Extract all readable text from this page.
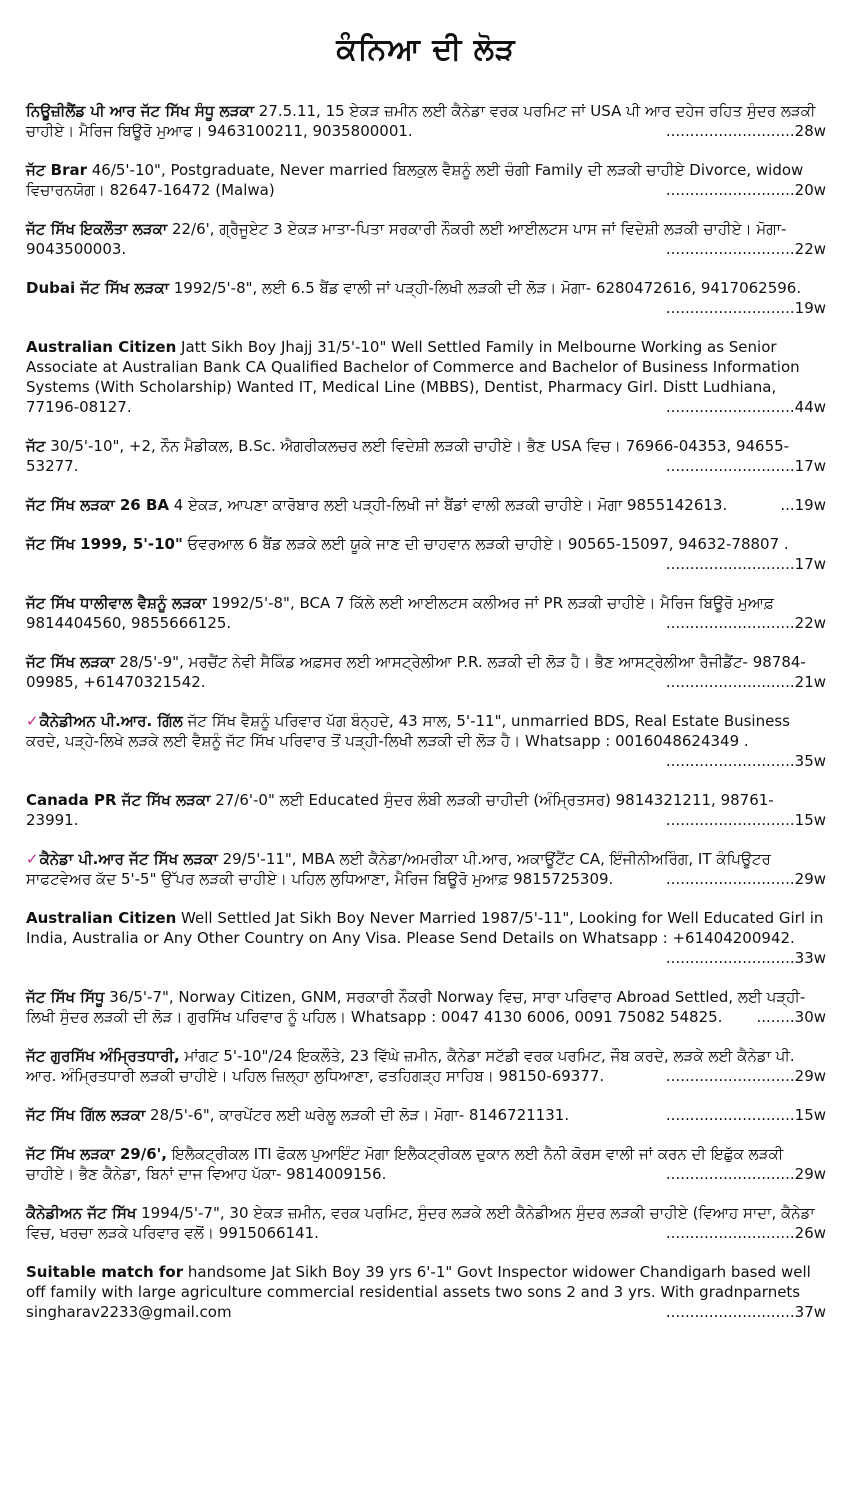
ਕੰਨਿਆ ਦੀ ਲੋੜ
ਨਿਊਜ਼ੀਲੈਂਡ ਪੀ ਆਰ ਜੱਟ ਸਿੱਖ ਸੰਧੂ ਲੜਕਾ 27.5.11, 15 ਏਕੜ ਜ਼ਮੀਨ ਲਈ ਕੈਨੇਡਾ ਵਰਕ ਪਰਮਿਟ ਜਾਂ USA ਪੀ ਆਰ ਦਹੇਜ ਰਹਿਤ ਸੁੰਦਰ ਲੜਕੀ ਚਾਹੀਏ। ਮੈਰਿਜ ਬਿਊਰੋ ਮੁਆਫ। 9463100211, 9035800001.	...........................28w
ਜੱਟ Brar 46/5'-10", Postgraduate, Never married ਬਿਲਕੁਲ ਵੈਸ਼ਨੂੰ ਲਈ ਚੰਗੀ Family ਦੀ ਲੜਕੀ ਚਾਹੀਏ Divorce, widow ਵਿਚਾਰਨਯੋਗ। 82647-16472 (Malwa)	...........................20w
ਜੱਟ ਸਿੱਖ ਇਕਲੌਤਾ ਲੜਕਾ 22/6', ਗ੍ਰੈਜੂਏਟ 3 ਏਕੜ ਮਾਤਾ-ਪਿਤਾ ਸਰਕਾਰੀ ਨੌਕਰੀ ਲਈ ਆਈਲਟਸ ਪਾਸ ਜਾਂ ਵਿਦੇਸ਼ੀ ਲੜਕੀ ਚਾਹੀਏ। ਮੋਗਾ- 9043500003.	...........................22w
Dubai ਜੱਟ ਸਿੱਖ ਲੜਕਾ 1992/5'-8", ਲਈ 6.5 ਬੈਂਡ ਵਾਲੀ ਜਾਂ ਪੜ੍ਹੀ-ਲਿਖੀ ਲੜਕੀ ਦੀ ਲੋੜ। ਮੋਗਾ- 6280472616, 9417062596.
...........................19w
Australian Citizen Jatt Sikh Boy Jhajj 31/5'-10" Well Settled Family in Melbourne Working as Senior Associate at Australian Bank CA Qualified Bachelor of Commerce and Bachelor of Business Information Systems (With Scholarship) Wanted IT, Medical Line (MBBS), Dentist, Pharmacy Girl. Distt Ludhiana, 77196-08127.	...........................44w
ਜੱਟ 30/5'-10", +2, ਨੌਨ ਮੈਡੀਕਲ, B.Sc. ਐਗਰੀਕਲਚਰ ਲਈ ਵਿਦੇਸ਼ੀ ਲੜਕੀ ਚਾਹੀਏ। ਭੈਣ USA ਵਿਚ। 76966-04353, 94655-53277.	...........................17w
ਜੱਟ ਸਿੱਖ ਲੜਕਾ 26 BA 4 ਏਕੜ, ਆਪਣਾ ਕਾਰੋਬਾਰ ਲਈ ਪੜ੍ਹੀ-ਲਿਖੀ ਜਾਂ ਬੈਂਡਾਂ ਵਾਲੀ ਲੜਕੀ ਚਾਹੀਏ। ਮੋਗਾ 9855142613.	...19w
ਜੱਟ ਸਿੱਖ 1999, 5'-10" ਓਵਰਆਲ 6 ਬੈਂਡ ਲੜਕੇ ਲਈ ਯੂਕੇ ਜਾਣ ਦੀ ਚਾਹਵਾਨ ਲੜਕੀ ਚਾਹੀਏ। 90565-15097, 94632-78807 .
...........................17w
ਜੱਟ ਸਿੱਖ ਧਾਲੀਵਾਲ ਵੈਸ਼ਨੂੰ ਲੜਕਾ 1992/5'-8", BCA 7 ਕਿੱਲੇ ਲਈ ਆਈਲਟਸ ਕਲੀਅਰ ਜਾਂ PR ਲੜਕੀ ਚਾਹੀਏ। ਮੈਰਿਜ ਬਿਊਰੋ ਮੁਆਫ਼ 9814404560, 9855666125.	...........................22w
ਜੱਟ ਸਿੱਖ ਲੜਕਾ 28/5'-9", ਮਰਚੈਂਟ ਨੇਵੀ ਸੈਕਿੰਡ ਅਫ਼ਸਰ ਲਈ ਆਸਟ੍ਰੇਲੀਆ P.R. ਲੜਕੀ ਦੀ ਲੋੜ ਹੈ। ਭੈਣ ਆਸਟ੍ਰੇਲੀਆ ਰੈਜੀਡੈਂਟ- 98784-09985, +61470321542.	...........................21w
✓ਕੈਨੇਡੀਅਨ ਪੀ.ਆਰ. ਗਿੱਲ ਜੱਟ ਸਿੱਖ ਵੈਸ਼ਨੂੰ ਪਰਿਵਾਰ ਪੱਗ ਬੰਨ੍ਹਦੇ, 43 ਸਾਲ, 5'-11", unmarried BDS, Real Estate Business ਕਰਦੇ, ਪੜ੍ਹੇ-ਲਿਖੇ ਲੜਕੇ ਲਈ ਵੈਸ਼ਨੂੰ ਜੱਟ ਸਿੱਖ ਪਰਿਵਾਰ ਤੋਂ ਪੜ੍ਹੀ-ਲਿਖੀ ਲੜਕੀ ਦੀ ਲੋੜ ਹੈ। Whatsapp : 0016048624349 .
...........................35w
Canada PR ਜੱਟ ਸਿੱਖ ਲੜਕਾ 27/6'-0" ਲਈ Educated ਸੁੰਦਰ ਲੰਬੀ ਲੜਕੀ ਚਾਹੀਦੀ (ਅੰਮ੍ਰਿਤਸਰ) 9814321211, 98761-23991.	...........................15w
✓ਕੈਨੇਡਾ ਪੀ.ਆਰ ਜੱਟ ਸਿੱਖ ਲੜਕਾ 29/5'-11", MBA ਲਈ ਕੈਨੇਡਾ/ਅਮਰੀਕਾ ਪੀ.ਆਰ, ਅਕਾਊਂਟੈਂਟ CA, ਇੰਜੀਨੀਅਰਿੰਗ, IT ਕੰਪਿਊਟਰ ਸਾਫਟਵੇਅਰ ਕੱਦ 5'-5" ਉੱਪਰ ਲੜਕੀ ਚਾਹੀਏ। ਪਹਿਲ ਲੁਧਿਆਣਾ, ਮੈਰਿਜ ਬਿਊਰੋ ਮੁਆਫ਼ 9815725309.	...........................29w
Australian Citizen Well Settled Jat Sikh Boy Never Married 1987/5'-11", Looking for Well Educated Girl in India, Australia or Any Other Country on Any Visa. Please Send Details on Whatsapp : +61404200942.
...........................33w
ਜੱਟ ਸਿੱਖ ਸਿੱਧੂ 36/5'-7", Norway Citizen, GNM, ਸਰਕਾਰੀ ਨੌਕਰੀ Norway ਵਿਚ, ਸਾਰਾ ਪਰਿਵਾਰ Abroad Settled, ਲਈ ਪੜ੍ਹੀ-ਲਿਖੀ ਸੁੰਦਰ ਲੜਕੀ ਦੀ ਲੋੜ। ਗੁਰਸਿੱਖ ਪਰਿਵਾਰ ਨੂੰ ਪਹਿਲ। Whatsapp : 0047 4130 6006, 0091 75082 54825. ........30w
ਜੱਟ ਗੁਰਸਿੱਖ ਅੰਮ੍ਰਿਤਧਾਰੀ, ਮਾਂਗਟ 5'-10"/24 ਇਕਲੌਤੇ, 23 ਵਿੱਘੇ ਜ਼ਮੀਨ, ਕੈਨੇਡਾ ਸਟੱਡੀ ਵਰਕ ਪਰਮਿਟ, ਜੌਬ ਕਰਦੇ, ਲੜਕੇ ਲਈ ਕੈਨੇਡਾ ਪੀ. ਆਰ. ਅੰਮ੍ਰਿਤਧਾਰੀ ਲੜਕੀ ਚਾਹੀਏ। ਪਹਿਲ ਜ਼ਿਲ੍ਹਾ ਲੁਧਿਆਣਾ, ਫਤਹਿਗੜ੍ਹ ਸਾਹਿਬ। 98150-69377.	...........................29w
ਜੱਟ ਸਿੱਖ ਗਿੱਲ ਲੜਕਾ 28/5'-6", ਕਾਰਪੇਂਟਰ ਲਈ ਘਰੇਲੂ ਲੜਕੀ ਦੀ ਲੋੜ। ਮੋਗਾ- 8146721131.	...........................15w
ਜੱਟ ਸਿੱਖ ਲੜਕਾ 29/6', ਇਲੈਕਟ੍ਰੀਕਲ ITI ਫੋਕਲ ਪੁਆਇੰਟ ਮੋਗਾ ਇਲੈਕਟ੍ਰੀਕਲ ਦੁਕਾਨ ਲਈ ਨੈਨੀ ਕੋਰਸ ਵਾਲੀ ਜਾਂ ਕਰਨ ਦੀ ਇਛੁੱਕ ਲੜਕੀ ਚਾਹੀਏ। ਭੈਣ ਕੈਨੇਡਾ, ਬਿਨਾਂ ਦਾਜ ਵਿਆਹ ਪੱਕਾ- 9814009156.	...........................29w
ਕੈਨੇਡੀਅਨ ਜੱਟ ਸਿੱਖ 1994/5'-7", 30 ਏਕੜ ਜ਼ਮੀਨ, ਵਰਕ ਪਰਮਿਟ, ਸੁੰਦਰ ਲੜਕੇ ਲਈ ਕੈਨੇਡੀਅਨ ਸੁੰਦਰ ਲੜਕੀ ਚਾਹੀਏ (ਵਿਆਹ ਸਾਦਾ, ਕੈਨੇਡਾ ਵਿਚ, ਖਰਚਾ ਲੜਕੇ ਪਰਿਵਾਰ ਵਲੋਂ। 9915066141.	...........................26w
Suitable match for handsome Jat Sikh Boy 39 yrs 6'-1" Govt Inspector widower Chandigarh based well off family with large agriculture commercial residential assets two sons 2 and 3 yrs. With gradnparnets singharav2233@gmail.com	...........................37w
